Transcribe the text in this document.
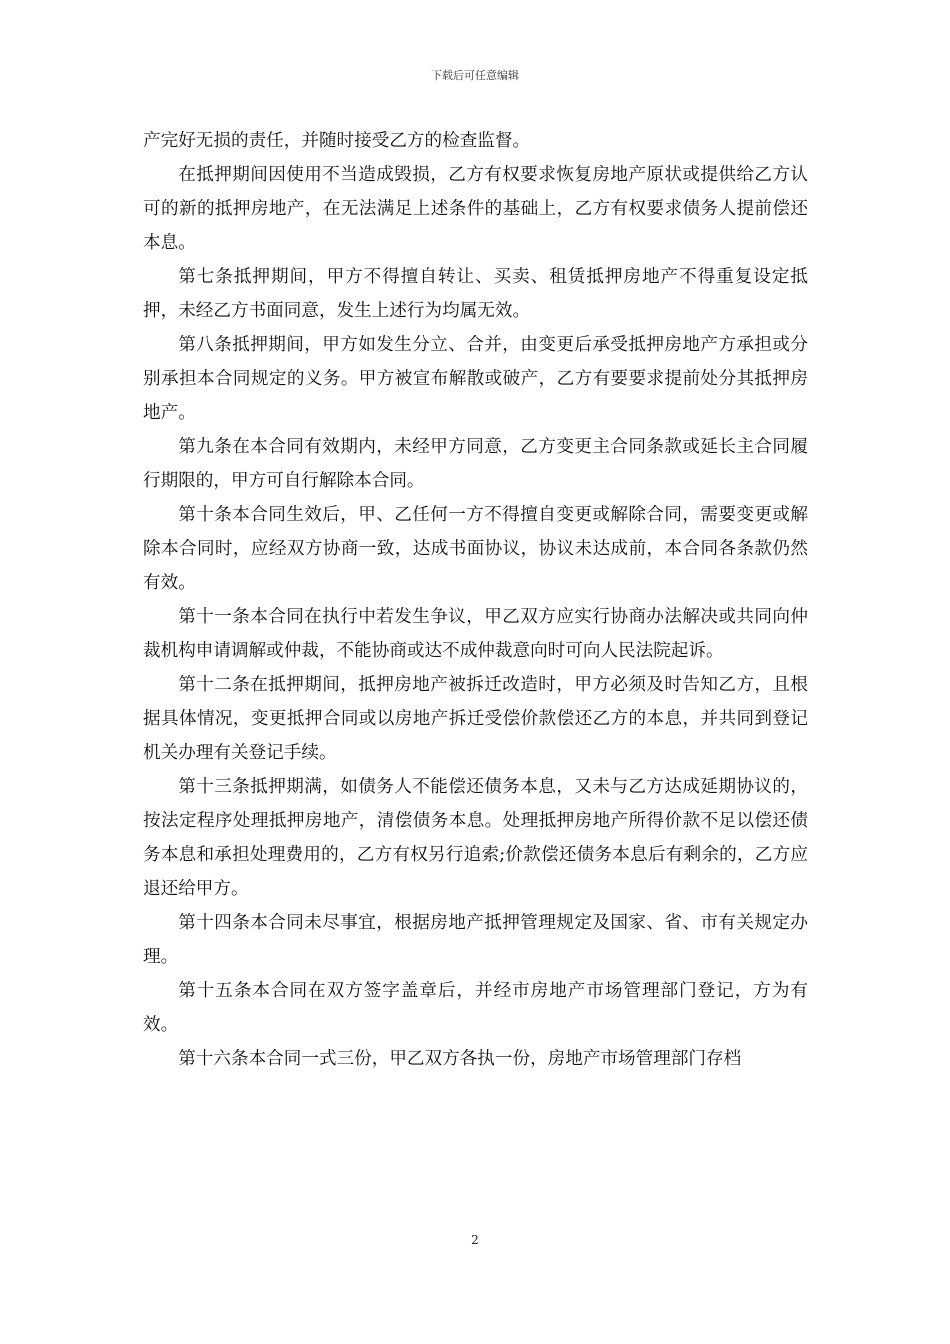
下载后可任意编辑

产完好无损的责任，并随时接受乙方的检查监督。

在抵押期间因使用不当造成毁损，乙方有权要求恢复房地产原状或提供给乙方认可的新的抵押房地产，在无法满足上述条件的基础上，乙方有权要求债务人提前偿还本息。

第七条抵押期间，甲方不得擅自转让、买卖、租赁抵押房地产不得重复设定抵押，未经乙方书面同意，发生上述行为均属无效。

第八条抵押期间，甲方如发生分立、合并，由变更后承受抵押房地产方承担或分别承担本合同规定的义务。甲方被宣布解散或破产，乙方有要要求提前处分其抵押房地产。

第九条在本合同有效期内，未经甲方同意，乙方变更主合同条款或延长主合同履行期限的，甲方可自行解除本合同。

第十条本合同生效后，甲、乙任何一方不得擅自变更或解除合同，需要变更或解除本合同时，应经双方协商一致，达成书面协议，协议未达成前，本合同各条款仍然有效。

第十一条本合同在执行中若发生争议，甲乙双方应实行协商办法解决或共同向仲裁机构申请调解或仲裁，不能协商或达不成仲裁意向时可向人民法院起诉。

第十二条在抵押期间，抵押房地产被拆迁改造时，甲方必须及时告知乙方，且根据具体情况，变更抵押合同或以房地产拆迁受偿价款偿还乙方的本息，并共同到登记机关办理有关登记手续。

第十三条抵押期满，如债务人不能偿还债务本息，又未与乙方达成延期协议的，按法定程序处理抵押房地产，清偿债务本息。处理抵押房地产所得价款不足以偿还债务本息和承担处理费用的，乙方有权另行追索;价款偿还债务本息后有剩余的，乙方应退还给甲方。

第十四条本合同未尽事宜，根据房地产抵押管理规定及国家、省、市有关规定办理。

第十五条本合同在双方签字盖章后，并经市房地产市场管理部门登记，方为有效。

第十六条本合同一式三份，甲乙双方各执一份，房地产市场管理部门存档

2
